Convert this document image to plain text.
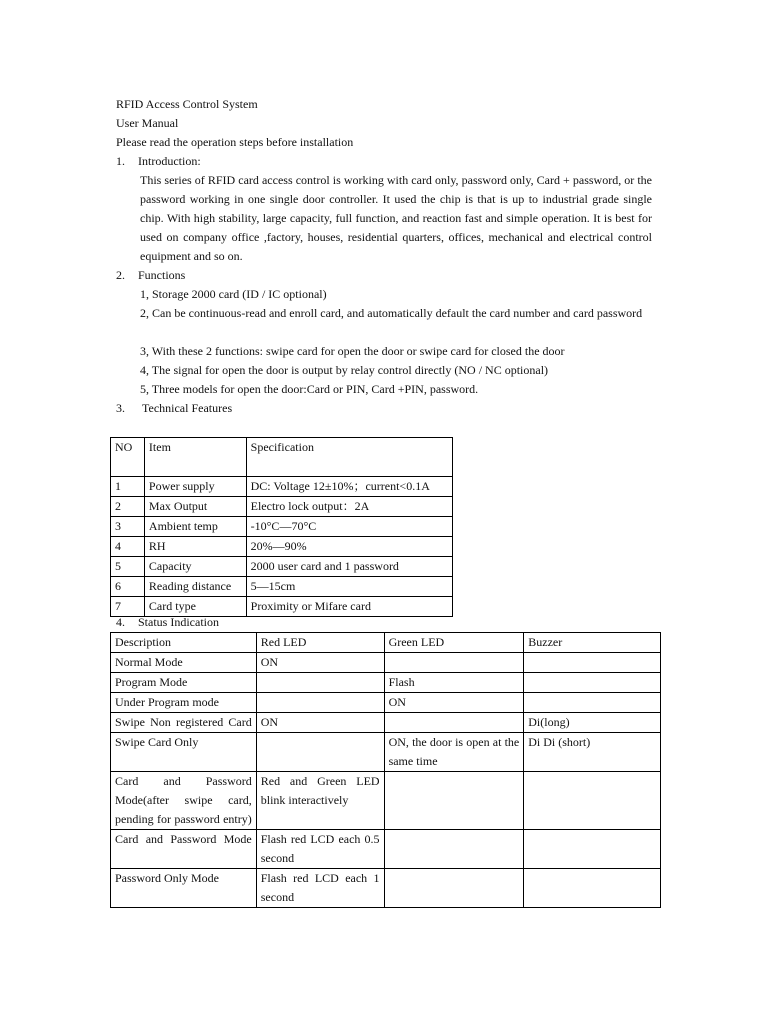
RFID Access Control System
User Manual
Please read the operation steps before installation
1. Introduction:
This series of RFID card access control is working with card only, password only, Card + password, or the password working in one single door controller. It used the chip is that is up to industrial grade single chip. With high stability, large capacity, full function, and reaction fast and simple operation. It is best for used on company office ,factory, houses, residential quarters, offices, mechanical and electrical control equipment and so on.
2. Functions
1, Storage 2000 card (ID / IC optional)
2, Can be continuous-read and enroll card, and automatically default the card number and card password
3, With these 2 functions: swipe card for open the door or swipe card for closed the door
4, The signal for open the door is output by relay control directly (NO / NC optional)
5, Three models for open the door:Card or PIN, Card +PIN, password.
3. Technical Features
NO	Item	Specification
1	Power supply	DC: Voltage 12±10%；current<0.1A
2	Max Output	Electro lock output：2A
3	Ambient temp	-10°C—70°C
4	RH	20%—90%
5	Capacity	2000 user card and 1 password
6	Reading distance	5—15cm
7	Card type	Proximity or Mifare card
4. Status Indication
Description	Red LED	Green LED	Buzzer
Normal Mode	ON		
Program Mode		Flash	
Under Program mode		ON	
Swipe Non registered Card	ON		Di(long)
Swipe Card Only		ON, the door is open at the same time	Di Di (short)
Card and Password Mode(after swipe card, pending for password entry)	Red and Green LED blink interactively		
Card and Password Mode	Flash red LCD each 0.5 second		
Password Only Mode	Flash red LCD each 1 second		
